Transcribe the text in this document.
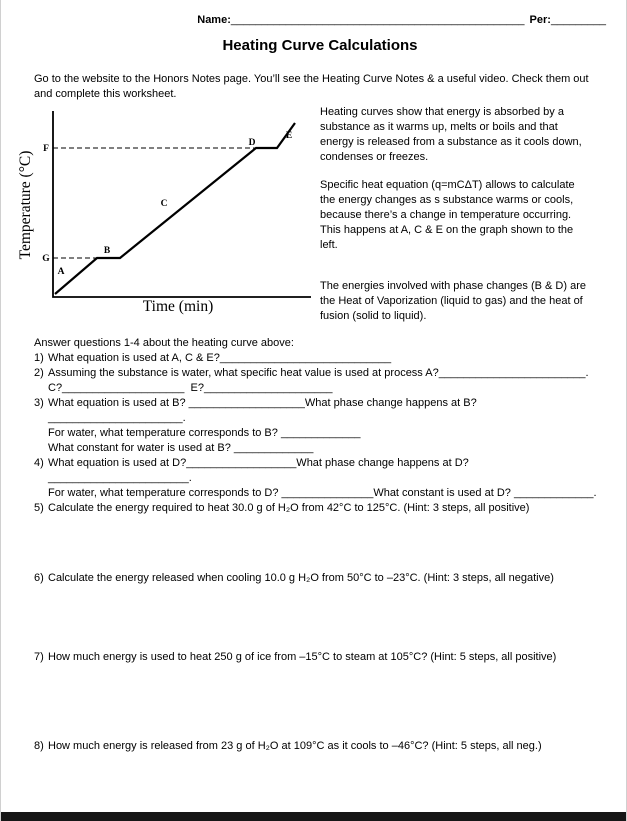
Name: ________________________________________________ Per: _________
Heating Curve Calculations

Go to the website to the Honors Notes page. You’ll see the Heating Curve Notes & a useful video. Check them out and complete this worksheet.

Temperature (°C)
A
B
C
D
E
F
G
Time (min)

Heating curves show that energy is absorbed by a substance as it warms up, melts or boils and that energy is released from a substance as it cools down, condenses or freezes.

Specific heat equation (q=mCΔT) allows to calculate the energy changes as s substance warms or cools, because there’s a change in temperature occurring. This happens at A, C & E on the graph shown to the left.

The energies involved with phase changes (B & D) are the Heat of Vaporization (liquid to gas) and the heat of fusion (solid to liquid).

Answer questions 1-4 about the heating curve above:

1) What equation is used at A, C & E?____________________________
2) Assuming the substance is water, what specific heat value is used at process A?________________________.
C?____________________  E?_____________________
3) What equation is used at B? ___________________What phase change happens at B? ______________________.
For water, what temperature corresponds to B? _____________
What constant for water is used at B? _____________
4) What equation is used at D?__________________What phase change happens at D? _______________________.
For water, what temperature corresponds to D? _______________What constant is used at D? _____________.
5) Calculate the energy required to heat 30.0 g of H₂O from 42°C to 125°C. (Hint: 3 steps, all positive)
6) Calculate the energy released when cooling 10.0 g H₂O from 50°C to –23°C. (Hint: 3 steps, all negative)
7) How much energy is used to heat 250 g of ice from –15°C to steam at 105°C? (Hint: 5 steps, all positive)
8) How much energy is released from 23 g of H₂O at 109°C as it cools to –46°C? (Hint: 5 steps, all neg.)
